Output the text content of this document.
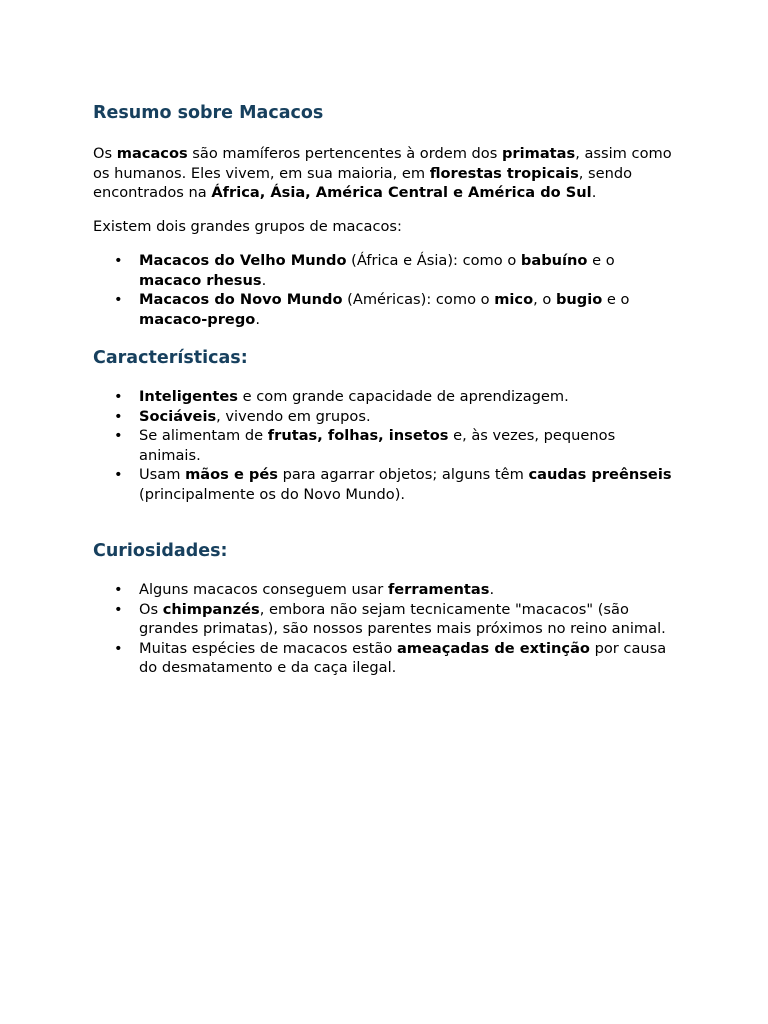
Resumo sobre Macacos

Os macacos são mamíferos pertencentes à ordem dos primatas, assim como os humanos. Eles vivem, em sua maioria, em florestas tropicais, sendo encontrados na África, Ásia, América Central e América do Sul.

Existem dois grandes grupos de macacos:

• Macacos do Velho Mundo (África e Ásia): como o babuíno e o macaco rhesus.
• Macacos do Novo Mundo (Américas): como o mico, o bugio e o macaco-prego.
Características:
• Inteligentes e com grande capacidade de aprendizagem.
• Sociáveis, vivendo em grupos.
• Se alimentam de frutas, folhas, insetos e, às vezes, pequenos animais.
• Usam mãos e pés para agarrar objetos; alguns têm caudas preênseis (principalmente os do Novo Mundo).
Curiosidades:
• Alguns macacos conseguem usar ferramentas.
• Os chimpanzés, embora não sejam tecnicamente "macacos" (são grandes primatas), são nossos parentes mais próximos no reino animal.
• Muitas espécies de macacos estão ameaçadas de extinção por causa do desmatamento e da caça ilegal.
